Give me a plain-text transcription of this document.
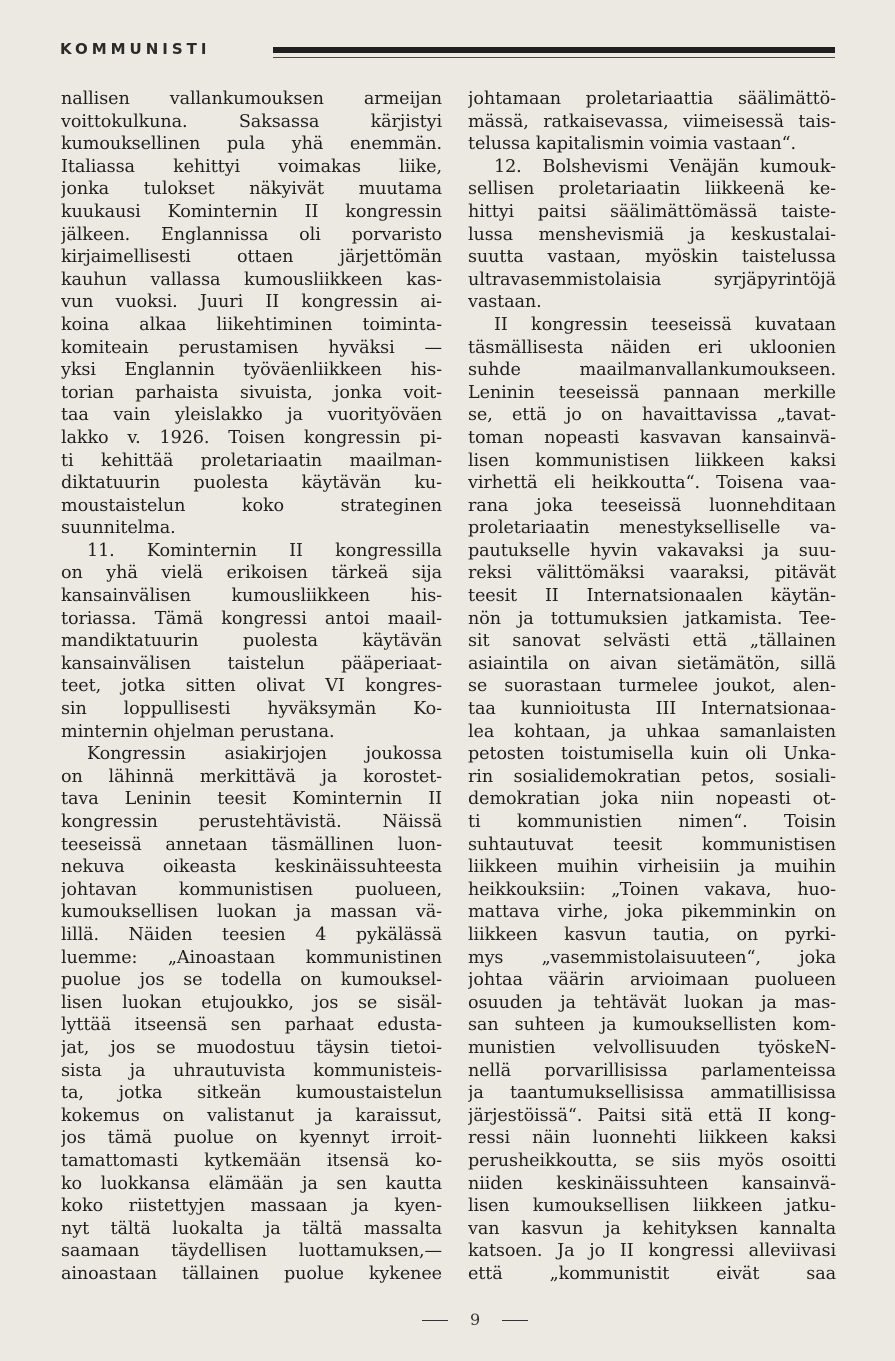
KOMMUNISTI
nallisen vallankumouksen armeijan
voittokulkuna. Saksassa kärjistyi
kumouksellinen pula yhä enemmän.
Italiassa kehittyi voimakas liike,
jonka tulokset näkyivät muutama
kuukausi Kominternin II kongressin
jälkeen. Englannissa oli porvaristo
kirjaimellisesti ottaen järjettömän
kauhun vallassa kumousliikkeen kas-
vun vuoksi. Juuri II kongressin ai-
koina alkaa liikehtiminen toiminta-
komiteain perustamisen hyväksi —
yksi Englannin työväenliikkeen his-
torian parhaista sivuista, jonka voit-
taa vain yleislakko ja vuorityöväen
lakko v. 1926. Toisen kongressin pi-
ti kehittää proletariaatin maailman-
diktatuurin puolesta käytävän ku-
moustaistelun koko strateginen
suunnitelma.
11. Kominternin II kongressilla
on yhä vielä erikoisen tärkeä sija
kansainvälisen kumousliikkeen his-
toriassa. Tämä kongressi antoi maail-
mandiktatuurin puolesta käytävän
kansainvälisen taistelun pääperiaat-
teet, jotka sitten olivat VI kongres-
sin loppullisesti hyväksymän Ko-
minternin ohjelman perustana.
Kongressin asiakirjojen joukossa
on lähinnä merkittävä ja korostet-
tava Leninin teesit Kominternin II
kongressin perustehtävistä. Näissä
teeseissä annetaan täsmällinen luon-
nekuva oikeasta keskinäissuhteesta
johtavan kommunistisen puolueen,
kumouksellisen luokan ja massan vä-
lillä. Näiden teesien 4 pykälässä
luemme: „Ainoastaan kommunistinen
puolue jos se todella on kumouksel-
lisen luokan etujoukko, jos se sisäl-
lyttää itseensä sen parhaat edusta-
jat, jos se muodostuu täysin tietoi-
sista ja uhrautuvista kommunisteis-
ta, jotka sitkeän kumoustaistelun
kokemus on valistanut ja karaissut,
jos tämä puolue on kyennyt irroit-
tamattomasti kytkemään itsensä ko-
ko luokkansa elämään ja sen kautta
koko riistettyjen massaan ja kyen-
nyt tältä luokalta ja tältä massalta
saamaan täydellisen luottamuksen,—
ainoastaan tällainen puolue kykenee
johtamaan proletariaattia säälimättö-
mässä, ratkaisevassa, viimeisessä tais-
telussa kapitalismin voimia vastaan“.
12. Bolshevismi Venäjän kumouk-
sellisen proletariaatin liikkeenä ke-
hittyi paitsi säälimättömässä taiste-
lussa menshevismiä ja keskustalai-
suutta vastaan, myöskin taistelussa
ultravasemmistolaisia syrjäpyrintöjä
vastaan.
II kongressin teeseissä kuvataan
täsmällisesta näiden eri ukloonien
suhde maailmanvallankumoukseen.
Leninin teeseissä pannaan merkille
se, että jo on havaittavissa „tavat-
toman nopeasti kasvavan kansainvä-
lisen kommunistisen liikkeen kaksi
virhettä eli heikkoutta“. Toisena vaa-
rana joka teeseissä luonnehditaan
proletariaatin menestykselliselle va-
pautukselle hyvin vakavaksi ja suu-
reksi välittömäksi vaaraksi, pitävät
teesit II Internatsionaalen käytän-
nön ja tottumuksien jatkamista. Tee-
sit sanovat selvästi että „tällainen
asiaintila on aivan sietämätön, sillä
se suorastaan turmelee joukot, alen-
taa kunnioitusta III Internatsionaa-
lea kohtaan, ja uhkaa samanlaisten
petosten toistumisella kuin oli Unka-
rin sosialidemokratian petos, sosiali-
demokratian joka niin nopeasti ot-
ti kommunistien nimen“. Toisin
suhtautuvat teesit kommunistisen
liikkeen muihin virheisiin ja muihin
heikkouksiin: „Toinen vakava, huo-
mattava virhe, joka pikemminkin on
liikkeen kasvun tautia, on pyrki-
mys „vasemmistolaisuuteen“, joka
johtaa väärin arvioimaan puolueen
osuuden ja tehtävät luokan ja mas-
san suhteen ja kumouksellisten kom-
munistien velvollisuuden työskeN-
nellä porvarillisissa parlamenteissa
ja taantumuksellisissa ammatillisissa
järjestöissä“. Paitsi sitä että II kong-
ressi näin luonnehti liikkeen kaksi
perusheikkoutta, se siis myös osoitti
niiden keskinäissuhteen kansainvä-
lisen kumouksellisen liikkeen jatku-
van kasvun ja kehityksen kannalta
katsoen. Ja jo II kongressi alleviivasi
että „kommunistit eivät saa
9
